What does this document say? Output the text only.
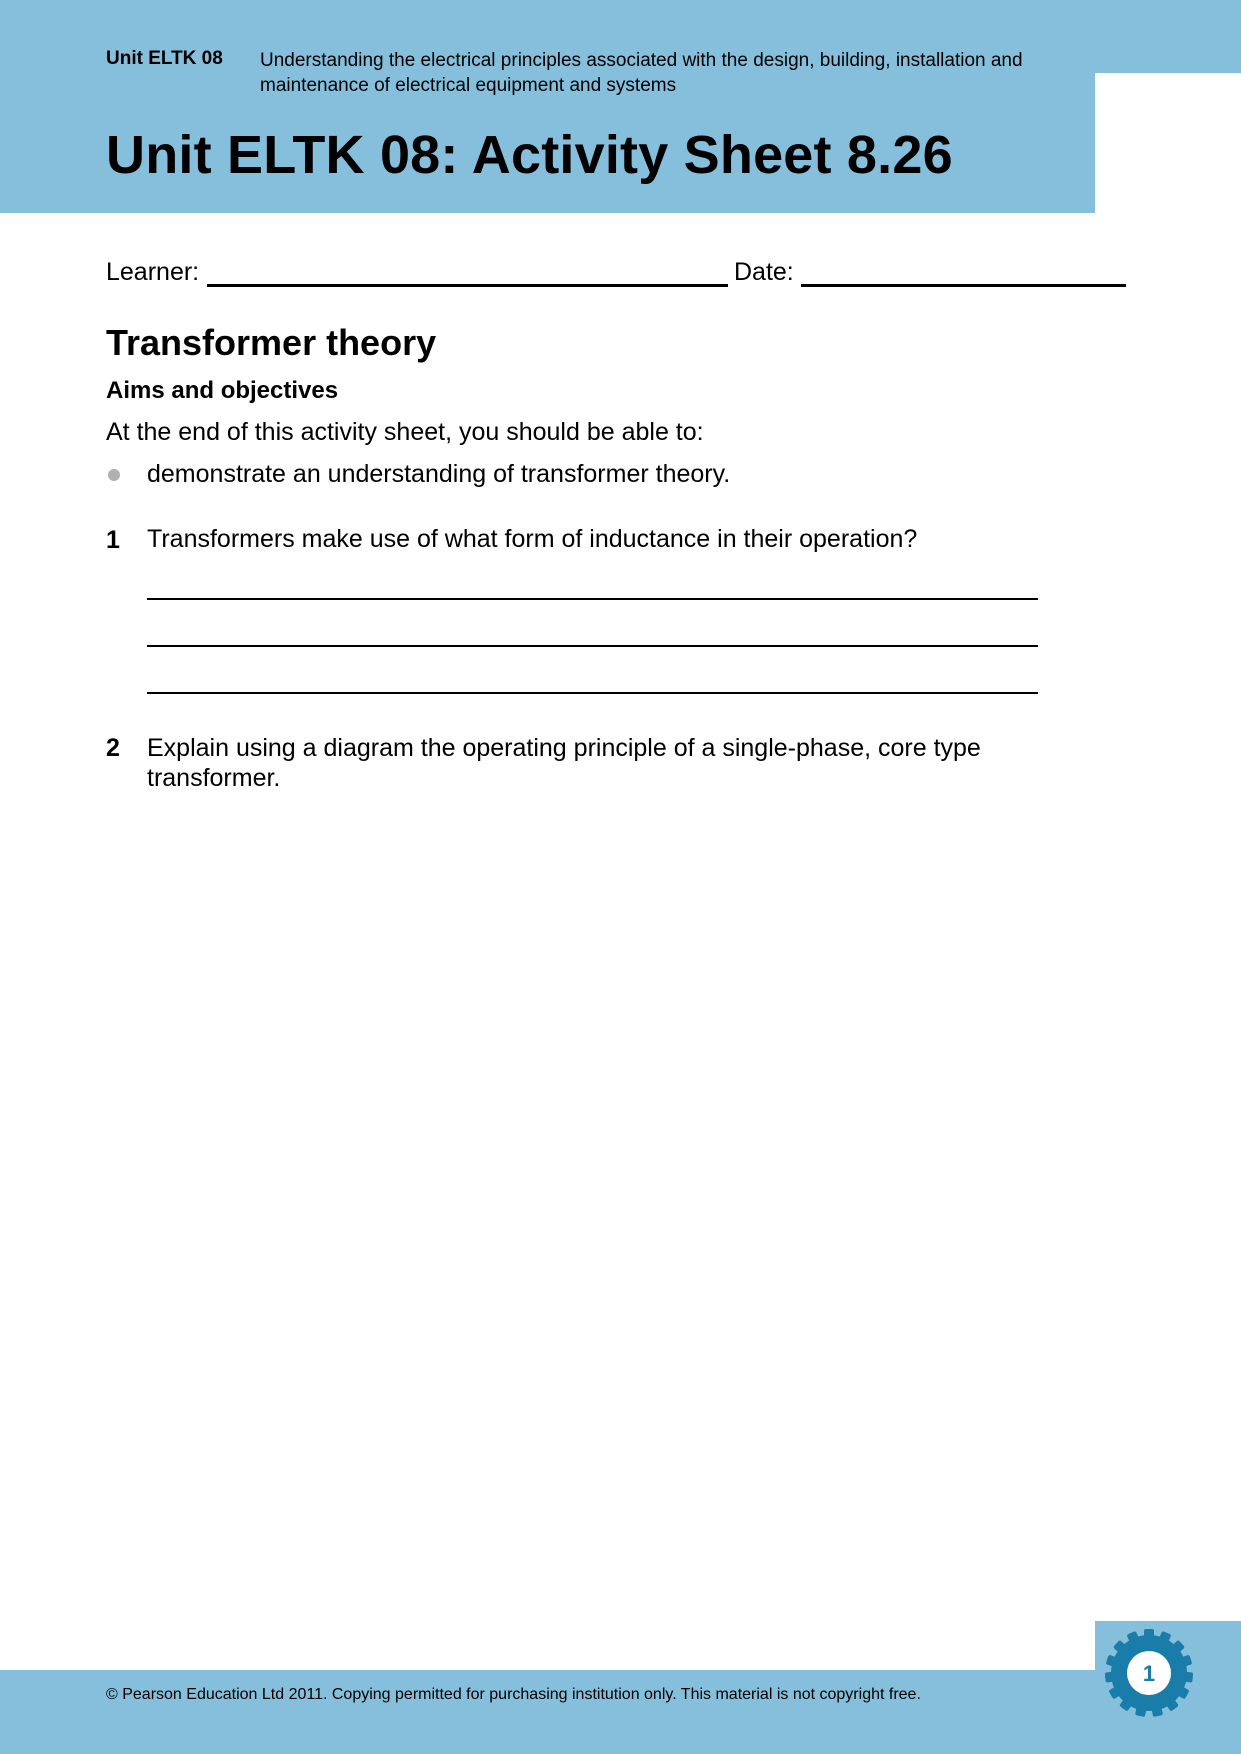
Unit ELTK 08 Understanding the electrical principles associated with the design, building, installation and maintenance of electrical equipment and systems
Unit ELTK 08: Activity Sheet 8.26
Learner:	Date:
Transformer theory
Aims and objectives
At the end of this activity sheet, you should be able to:
demonstrate an understanding of transformer theory.
1 Transformers make use of what form of inductance in their operation?
2 Explain using a diagram the operating principle of a single-phase, core type transformer.
© Pearson Education Ltd 2011. Copying permitted for purchasing institution only. This material is not copyright free.
1
